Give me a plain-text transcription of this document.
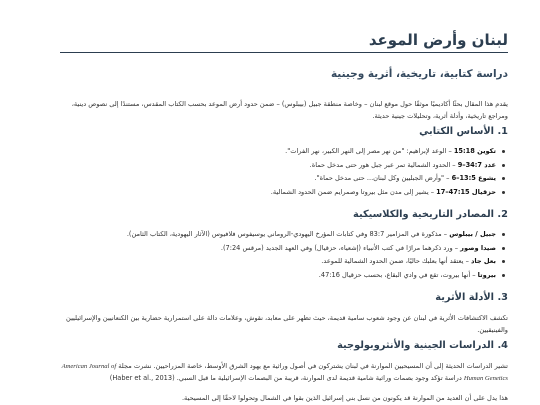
لبنان وأرض الموعد
دراسة كتابية، تاريخية، أثرية وجينية

يقدم هذا المقال بحثًا أكاديميًا موثقًا حول موقع لبنان – وخاصة منطقة جبيل (بيبلوس) – ضمن حدود أرض الموعد بحسب الكتاب المقدس، مستندًا إلى نصوص دينية، ومراجع تاريخية، وأدلة أثرية، وتحليلات جينية حديثة.

1. الأساس الكتابي
تكوين 15:18 – الوعد لإبراهيم: "من نهر مصر إلى النهر الكبير، نهر الفرات".
عدد 34:7–9 – الحدود الشمالية تمر عبر جبل هور حتى مدخل حماة.
يشوع 13:5–6 – "وأرض الجبليين وكل لبنان... حتى مدخل حماة".
حزقيال 47:15–17 – يشير إلى مدن مثل بيروتا وصمرايم ضمن الحدود الشمالية.
2. المصادر التاريخية والكلاسيكية
جبيل / بيبلوس – مذكورة في المزامير 83:7 وفي كتابات المؤرخ اليهودي-الروماني يوسيفوس فلافيوس (الآثار اليهودية، الكتاب الثامن).
صيدا وصور – ورد ذكرهما مرارًا في كتب الأنبياء (إشعياء، حزقيال) وفي العهد الجديد (مرقس 7:24).
بعل جاد – يعتقد أنها بعلبك حاليًا، ضمن الحدود الشمالية للموعد.
بيروتا – أنها بيروت، تقع في وادي البقاع، بحسب حزقيال 47:16.
3. الأدلة الأثرية

تكشف الاكتشافات الأثرية في لبنان عن وجود شعوب سامية قديمة، حيث تظهر على معابد، نقوش، وعلامات دالة على استمرارية حضارية بين الكنعانيين والإسرائيليين والفينيقيين.

4. الدراسات الجينية والأنثروبولوجية

تشير الدراسات الحديثة إلى أن المسيحيين الموارنة في لبنان يشتركون في أصول وراثية مع يهود الشرق الأوسط، خاصة المزراحيين. نشرت مجلة American Journal of Human Genetics دراسة تؤكد وجود بصمات وراثية شامية قديمة لدى الموارنة، قريبة من البصمات الإسرائيلية ما قبل السبي. (Haber et al., 2013)

هذا يدل على أن العديد من الموارنة قد يكونون من نسل بني إسرائيل الذين بقوا في الشمال وتحولوا لاحقًا إلى المسيحية.
